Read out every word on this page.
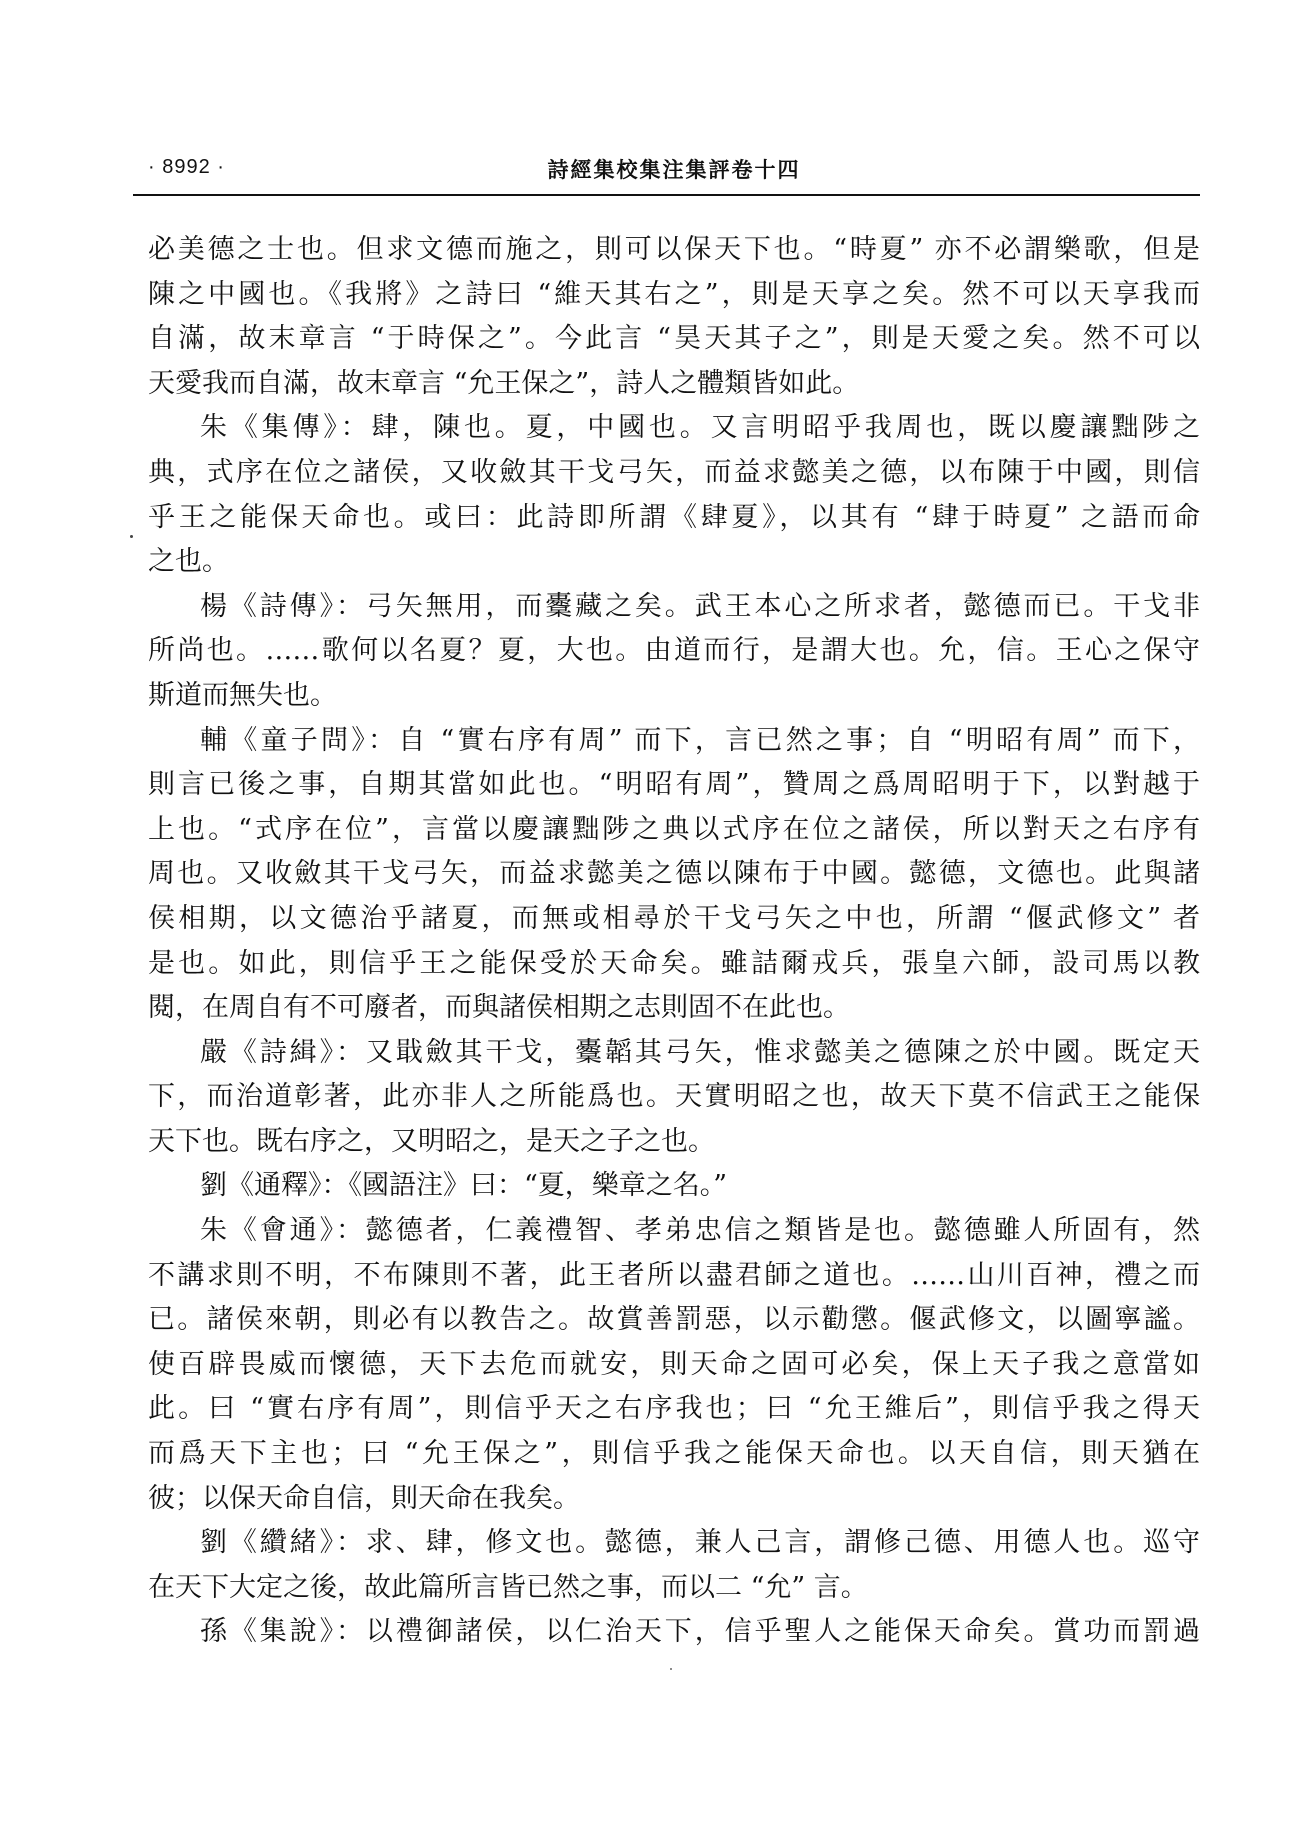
· 8992 ·	詩經集校集注集評卷十四
必美德之士也。但求文德而施之，則可以保天下也。“時夏” 亦不必謂樂歌，但是
陳之中國也。《我將》之詩曰 “維天其右之”，則是天享之矣。然不可以天享我而
自滿，故末章言 “于時保之”。今此言 “昊天其子之”，則是天愛之矣。然不可以
天愛我而自滿，故末章言 “允王保之”，詩人之體類皆如此。
朱《集傳》：肆，陳也。夏，中國也。又言明昭乎我周也，既以慶讓黜陟之
典，式序在位之諸侯，又收斂其干戈弓矢，而益求懿美之德，以布陳于中國，則信
乎王之能保天命也。或曰：此詩即所謂《肆夏》，以其有 “肆于時夏” 之語而命
之也。
楊《詩傳》：弓矢無用，而櫜藏之矣。武王本心之所求者，懿德而已。干戈非
所尚也。……歌何以名夏？夏，大也。由道而行，是謂大也。允，信。王心之保守
斯道而無失也。
輔《童子問》：自 “實右序有周” 而下，言已然之事；自 “明昭有周” 而下，
則言已後之事，自期其當如此也。“明昭有周”，贊周之爲周昭明于下，以對越于
上也。“式序在位”，言當以慶讓黜陟之典以式序在位之諸侯，所以對天之右序有
周也。又收斂其干戈弓矢，而益求懿美之德以陳布于中國。懿德，文德也。此與諸
侯相期，以文德治乎諸夏，而無或相尋於干戈弓矢之中也，所謂 “偃武修文” 者
是也。如此，則信乎王之能保受於天命矣。雖詰爾戎兵，張皇六師，設司馬以教
閱，在周自有不可廢者，而與諸侯相期之志則固不在此也。
嚴《詩緝》：又戢斂其干戈，櫜韜其弓矢，惟求懿美之德陳之於中國。既定天
下，而治道彰著，此亦非人之所能爲也。天實明昭之也，故天下莫不信武王之能保
天下也。既右序之，又明昭之，是天之子之也。
劉《通釋》：《國語注》曰：“夏，樂章之名。”
朱《會通》：懿德者，仁義禮智、孝弟忠信之類皆是也。懿德雖人所固有，然
不講求則不明，不布陳則不著，此王者所以盡君師之道也。……山川百神，禮之而
已。諸侯來朝，則必有以教告之。故賞善罰惡，以示勸懲。偃武修文，以圖寧謐。
使百辟畏威而懷德，天下去危而就安，則天命之固可必矣，保上天子我之意當如
此。曰 “實右序有周”，則信乎天之右序我也；曰 “允王維后”，則信乎我之得天
而爲天下主也；曰 “允王保之”，則信乎我之能保天命也。以天自信，則天猶在
彼；以保天命自信，則天命在我矣。
劉《纘緒》：求、肆，修文也。懿德，兼人己言，謂修己德、用德人也。巡守
在天下大定之後，故此篇所言皆已然之事，而以二 “允” 言。
孫《集說》：以禮御諸侯，以仁治天下，信乎聖人之能保天命矣。賞功而罰過
